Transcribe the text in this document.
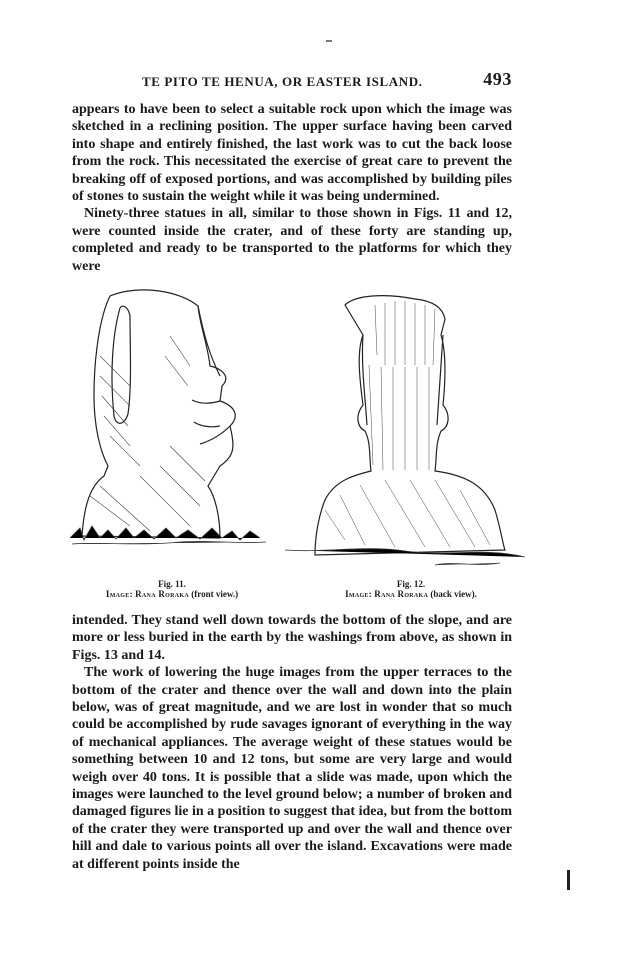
TE PITO TE HENUA, OR EASTER ISLAND.	493

appears to have been to select a suitable rock upon which the image was sketched in a reclining position. The upper surface having been carved into shape and entirely finished, the last work was to cut the back loose from the rock. This necessitated the exercise of great care to prevent the breaking off of exposed portions, and was accomplished by building piles of stones to sustain the weight while it was being undermined.

Ninety-three statues in all, similar to those shown in Figs. 11 and 12, were counted inside the crater, and of these forty are standing up, completed and ready to be transported to the platforms for which they were

Fig. 11.
Image: Rana Roraka (front view.)
Fig. 12.
Image: Rana Roraka (back view).

intended. They stand well down towards the bottom of the slope, and are more or less buried in the earth by the washings from above, as shown in Figs. 13 and 14.

The work of lowering the huge images from the upper terraces to the bottom of the crater and thence over the wall and down into the plain below, was of great magnitude, and we are lost in wonder that so much could be accomplished by rude savages ignorant of everything in the way of mechanical appliances. The average weight of these statues would be something between 10 and 12 tons, but some are very large and would weigh over 40 tons. It is possible that a slide was made, upon which the images were launched to the level ground below; a number of broken and damaged figures lie in a position to suggest that idea, but from the bottom of the crater they were transported up and over the wall and thence over hill and dale to various points all over the island. Excavations were made at different points inside the
